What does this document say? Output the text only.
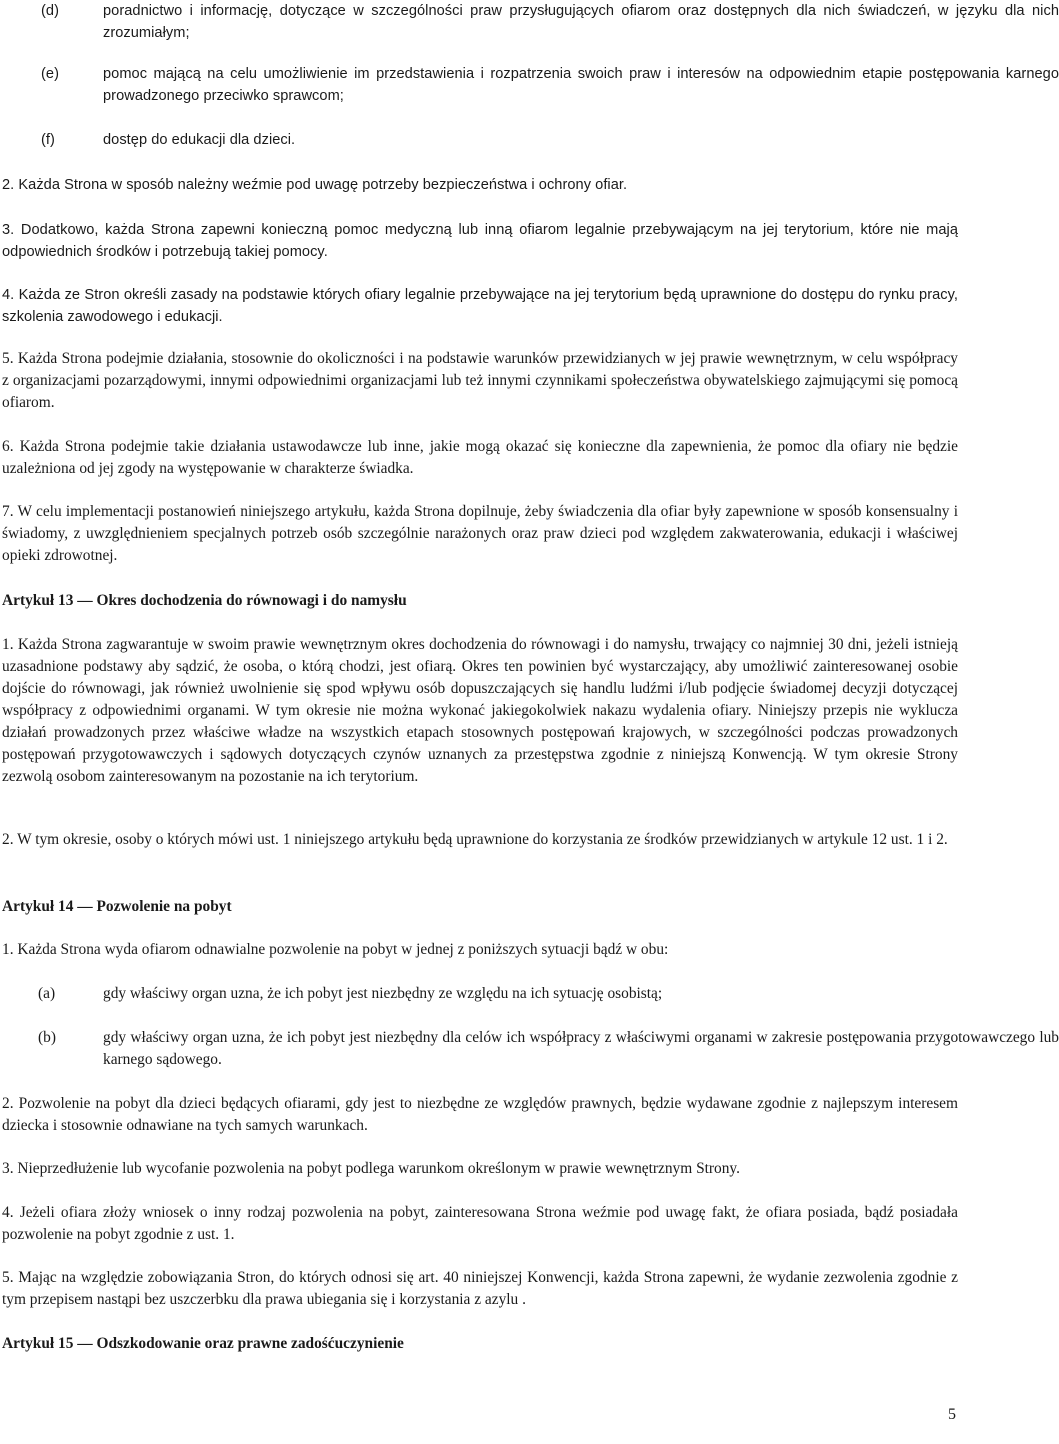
(d)	poradnictwo i informację, dotyczące w szczególności praw przysługujących ofiarom oraz dostępnych dla nich świadczeń, w języku dla nich zrozumiałym;
(e)	pomoc mającą na celu umożliwienie im przedstawienia i rozpatrzenia swoich praw i interesów na odpowiednim etapie postępowania karnego prowadzonego przeciwko sprawcom;
(f)	dostęp do edukacji dla dzieci.

2. Każda Strona w sposób należny weźmie pod uwagę potrzeby bezpieczeństwa i ochrony ofiar.

3. Dodatkowo, każda Strona zapewni konieczną pomoc medyczną lub inną ofiarom legalnie przebywającym na jej terytorium, które nie mają odpowiednich środków i potrzebują takiej pomocy.

4. Każda ze Stron określi zasady na podstawie których ofiary legalnie przebywające na jej terytorium będą uprawnione do dostępu do rynku pracy, szkolenia zawodowego i edukacji.

5. Każda Strona podejmie działania, stosownie do okoliczności i na podstawie warunków przewidzianych w jej prawie wewnętrznym, w celu współpracy z organizacjami pozarządowymi, innymi odpowiednimi organizacjami lub też innymi czynnikami społeczeństwa obywatelskiego zajmującymi się pomocą ofiarom.

6. Każda Strona podejmie takie działania ustawodawcze lub inne, jakie mogą okazać się konieczne dla zapewnienia, że pomoc dla ofiary nie będzie uzależniona od jej zgody na występowanie w charakterze świadka.

7. W celu implementacji postanowień niniejszego artykułu, każda Strona dopilnuje, żeby świadczenia dla ofiar były zapewnione w sposób konsensualny i świadomy, z uwzględnieniem specjalnych potrzeb osób szczególnie narażonych oraz praw dzieci pod względem zakwaterowania, edukacji i właściwej opieki zdrowotnej.

Artykuł 13 — Okres dochodzenia do równowagi i do namysłu

1. Każda Strona zagwarantuje w swoim prawie wewnętrznym okres dochodzenia do równowagi i do namysłu, trwający co najmniej 30 dni, jeżeli istnieją uzasadnione podstawy aby sądzić, że osoba, o którą chodzi, jest ofiarą. Okres ten powinien być wystarczający, aby umożliwić zainteresowanej osobie dojście do równowagi, jak również uwolnienie się spod wpływu osób dopuszczających się handlu ludźmi i/lub podjęcie świadomej decyzji dotyczącej współpracy z odpowiednimi organami. W tym okresie nie można wykonać jakiegokolwiek nakazu wydalenia ofiary. Niniejszy przepis nie wyklucza działań prowadzonych przez właściwe władze na wszystkich etapach stosownych postępowań krajowych, w szczególności podczas prowadzonych postępowań przygotowawczych i sądowych dotyczących czynów uznanych za przestępstwa zgodnie z niniejszą Konwencją. W tym okresie Strony zezwolą osobom zainteresowanym na pozostanie na ich terytorium.

2. W tym okresie, osoby o których mówi ust. 1 niniejszego artykułu będą uprawnione do korzystania ze środków przewidzianych w artykule 12 ust. 1 i 2.

Artykuł 14 — Pozwolenie na pobyt

1. Każda Strona wyda ofiarom odnawialne pozwolenie na pobyt w jednej z poniższych sytuacji bądź w obu:

(a)	gdy właściwy organ uzna, że ich pobyt jest niezbędny ze względu na ich sytuację osobistą;
(b)	gdy właściwy organ uzna, że ich pobyt jest niezbędny dla celów ich współpracy z właściwymi organami w zakresie postępowania przygotowawczego lub karnego sądowego.

2. Pozwolenie na pobyt dla dzieci będących ofiarami, gdy jest to niezbędne ze względów prawnych, będzie wydawane zgodnie z najlepszym interesem dziecka i stosownie odnawiane na tych samych warunkach.

3. Nieprzedłużenie lub wycofanie pozwolenia na pobyt podlega warunkom określonym w prawie wewnętrznym Strony.

4. Jeżeli ofiara złoży wniosek o inny rodzaj pozwolenia na pobyt, zainteresowana Strona weźmie pod uwagę fakt, że ofiara posiada, bądź posiadała pozwolenie na pobyt zgodnie z ust. 1.

5. Mając na względzie zobowiązania Stron, do których odnosi się art. 40 niniejszej Konwencji, każda Strona zapewni, że wydanie zezwolenia zgodnie z tym przepisem nastąpi bez uszczerbku dla prawa ubiegania się i korzystania z azylu .

Artykuł 15 — Odszkodowanie oraz prawne zadośćuczynienie

5
